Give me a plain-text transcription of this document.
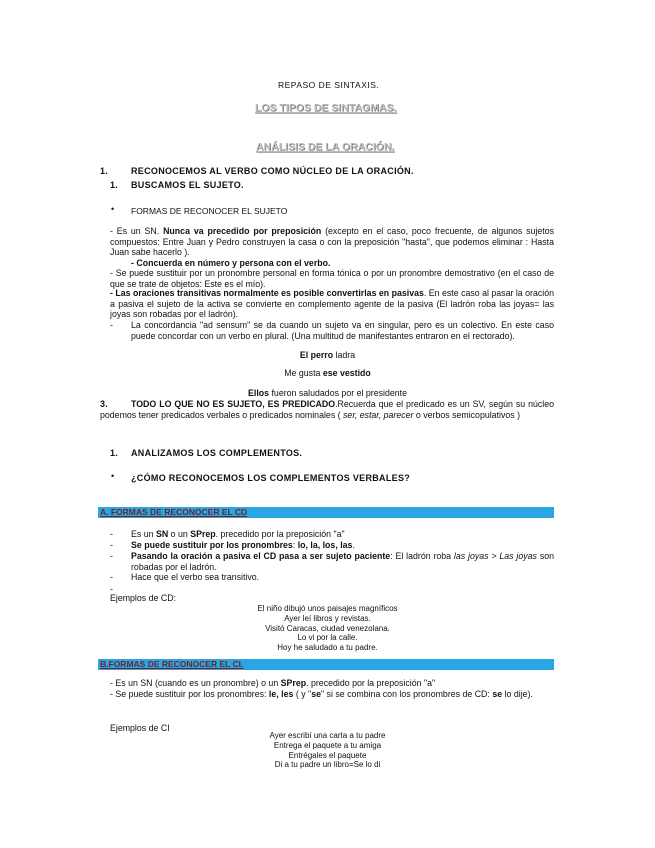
REPASO DE SINTAXIS.
LOS TIPOS DE SINTAGMAS.
ANÁLISIS DE LA ORACIÓN.
1.	RECONOCEMOS AL VERBO COMO NÚCLEO DE LA ORACIÓN.
1. BUSCAMOS EL SUJETO.
• FORMAS DE RECONOCER EL SUJETO
- Es un SN. Nunca va precedido por preposición (excepto en el caso, poco frecuente, de algunos sujetos compuestos: Entre Juan y Pedro construyen la casa o con la preposición "hasta", que podemos eliminar : Hasta Juan sabe hacerlo ).
- Concuerda en número y persona con el verbo.
- Se puede sustituir por un pronombre personal en forma tónica o por un pronombre demostrativo (en el caso de que se trate de objetos: Este es el mío).
- Las oraciones transitivas normalmente es posible convertirlas en pasivas. En este caso al pasar la oración a pasiva el sujeto de la activa se convierte en complemento agente de la pasiva (El ladrón roba las joyas= las joyas son robadas por el ladrón).
- La concordancia "ad sensum" se da cuando un sujeto va en singular, pero es un colectivo. En este caso puede concordar con un verbo en plural. (Una multitud de manifestantes entraron en el rectorado).
El perro ladra
Me gusta ese vestido
Ellos fueron saludados por el presidente
3.	TODO LO QUE NO ES SUJETO, ES PREDICADO.Recuerda que el predicado es un SV, según su núcleo podemos tener predicados verbales o predicados nominales ( ser, estar, parecer o verbos semicopulativos )
1. ANALIZAMOS LOS COMPLEMENTOS.
• ¿CÓMO RECONOCEMOS LOS COMPLEMENTOS VERBALES?
A. FORMAS DE RECONOCER EL CD
- Es un SN o un SPrep. precedido por la preposición "a"
- Se puede sustituir por los pronombres: lo, la, los, las.
- Pasando la oración a pasiva el CD pasa a ser sujeto paciente: El ladrón roba las joyas > Las joyas son robadas por el ladrón.
- Hace que el verbo sea transitivo.
-
Ejemplos de CD:
El niño dibujó unos paisajes magníficos
Ayer leí libros y revistas.
Visitó Caracas, ciudad venezolana.
Lo vi por la calle.
Hoy he saludado a tu padre.
B.FORMAS DE RECONOCER EL CI.
- Es un SN (cuando es un pronombre) o un SPrep. precedido por la preposición "a"
- Se puede sustituir por los pronombres: le, les ( y "se" si se combina con los pronombres de CD: se lo dije).
Ejemplos de CI
Ayer escribí una carta a tu padre
Entrega el paquete a tu amiga
Entrégales el paquete
Di a tu padre un libro=Se lo di
